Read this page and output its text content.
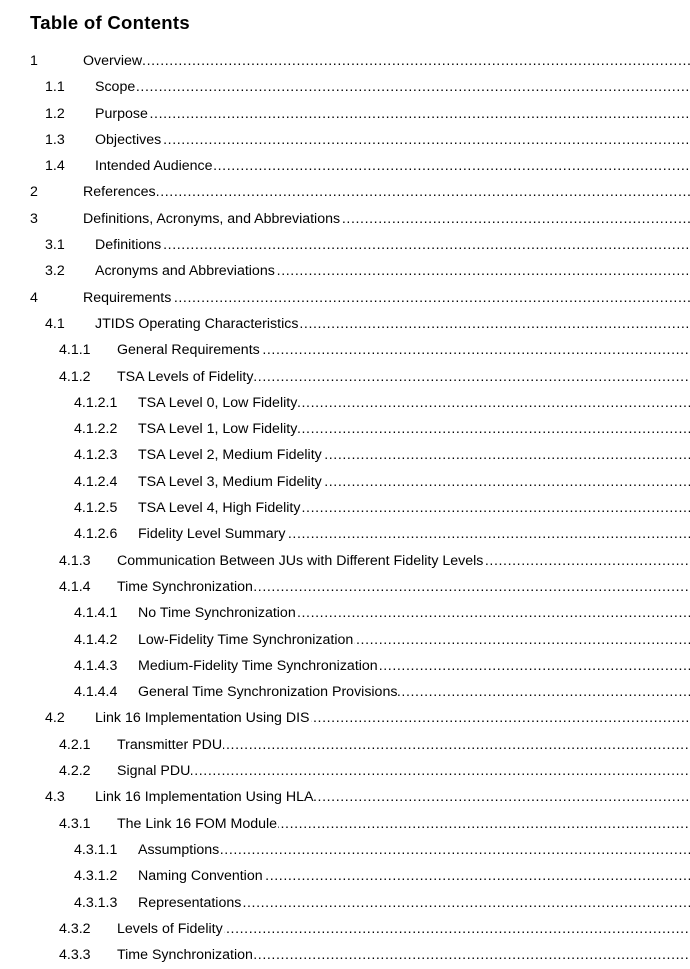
Table of Contents
1	Overview .....
1.1 Scope .....
1.2 Purpose .....
1.3 Objectives .....
1.4 Intended Audience .....
2	References .....
3	Definitions, Acronyms, and Abbreviations .....
3.1 Definitions .....
3.2 Acronyms and Abbreviations .....
4	Requirements .....
4.1 JTIDS Operating Characteristics .....
4.1.1 General Requirements .....
4.1.2 TSA Levels of Fidelity .....
4.1.2.1 TSA Level 0, Low Fidelity .....
4.1.2.2 TSA Level 1, Low Fidelity .....
4.1.2.3 TSA Level 2, Medium Fidelity .....
4.1.2.4 TSA Level 3, Medium Fidelity .....
4.1.2.5 TSA Level 4, High Fidelity .....
4.1.2.6 Fidelity Level Summary .....
4.1.3 Communication Between JUs with Different Fidelity Levels .....
4.1.4 Time Synchronization .....
4.1.4.1 No Time Synchronization .....
4.1.4.2 Low-Fidelity Time Synchronization .....
4.1.4.3 Medium-Fidelity Time Synchronization .....
4.1.4.4 General Time Synchronization Provisions .....
4.2 Link 16 Implementation Using DIS .....
4.2.1 Transmitter PDU .....
4.2.2 Signal PDU .....
4.3 Link 16 Implementation Using HLA .....
4.3.1 The Link 16 FOM Module .....
4.3.1.1 Assumptions .....
4.3.1.2 Naming Convention .....
4.3.1.3 Representations .....
4.3.2 Levels of Fidelity .....
4.3.3 Time Synchronization .....
